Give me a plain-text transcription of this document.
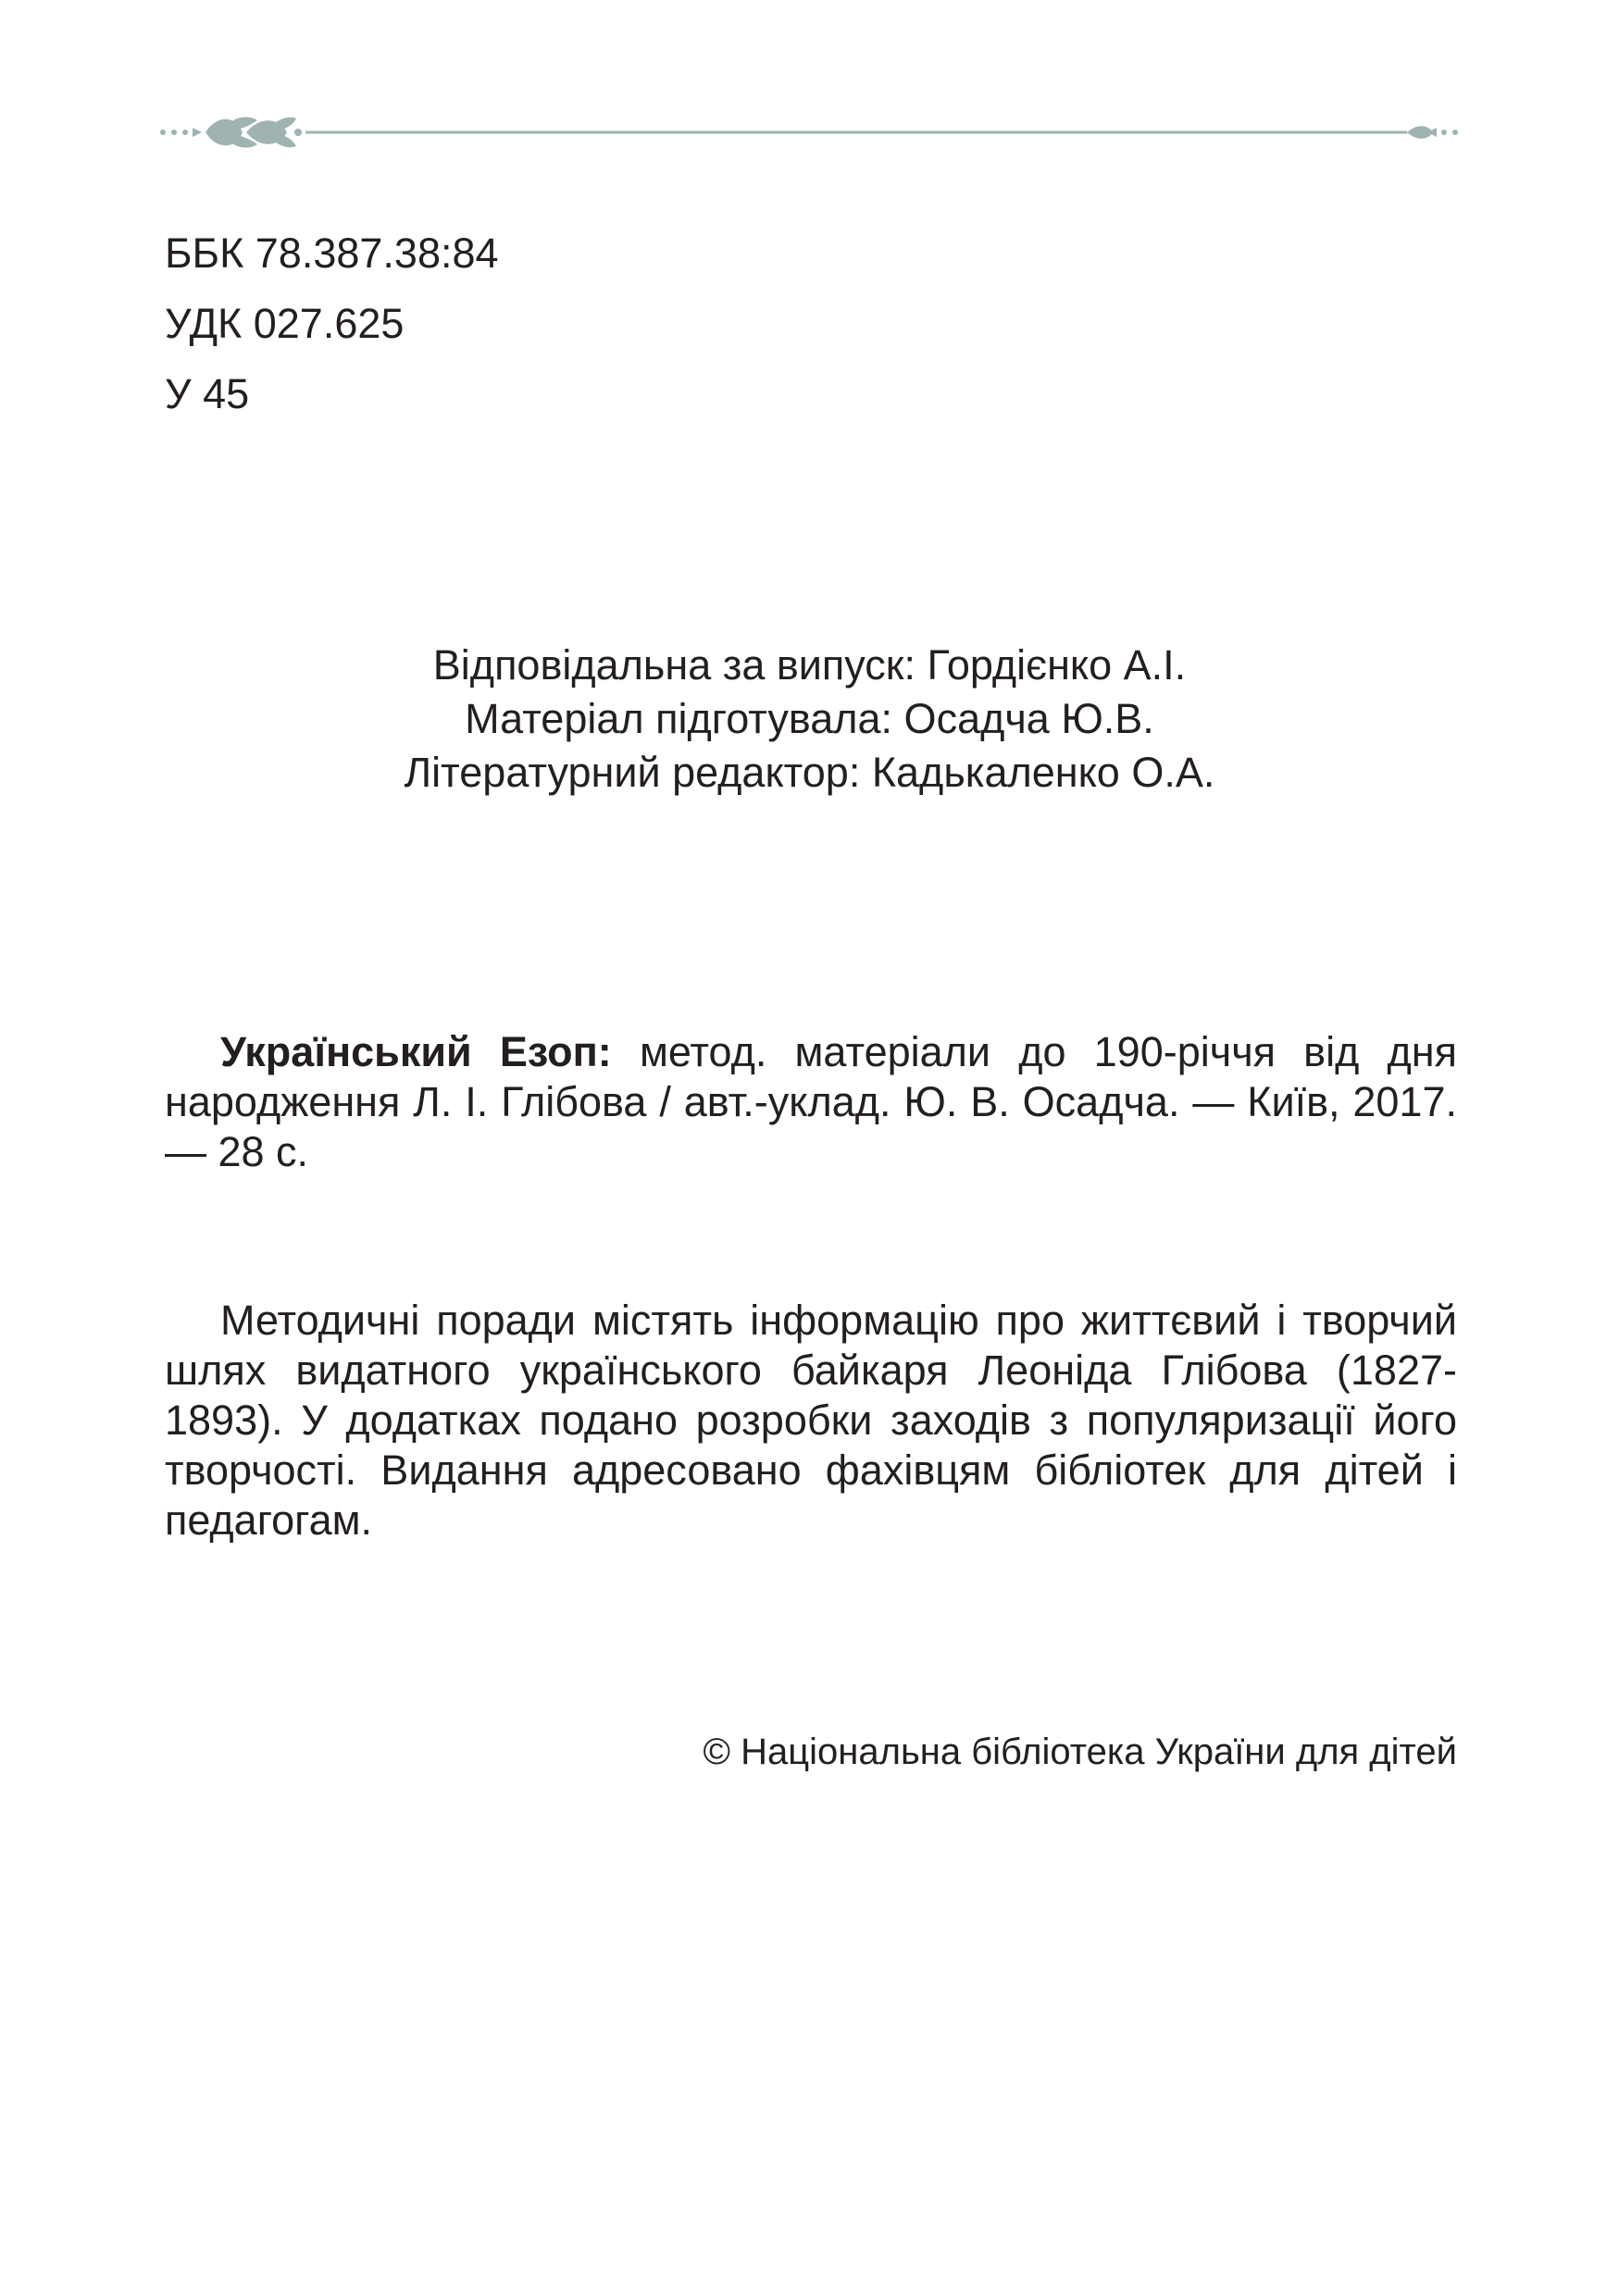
ББК 78.387.38:84
УДК 027.625
У 45
Відповідальна за випуск: Гордієнко А.І.
Матеріал підготувала: Осадча Ю.В.
Літературний редактор: Кадькаленко О.А.

Український Езоп: метод. матеріали до 190-річчя від дня народження Л. І. Глібова / авт.-уклад. Ю. В. Осадча. — Київ, 2017. — 28 с.

Методичні поради містять інформацію про життєвий і творчий шлях видатного українського байкаря Леоніда Глібова (1827-1893). У додатках подано розробки заходів з популяризації його творчості. Видання адресовано фахівцям бібліотек для дітей і педагогам.

© Національна бібліотека України для дітей
